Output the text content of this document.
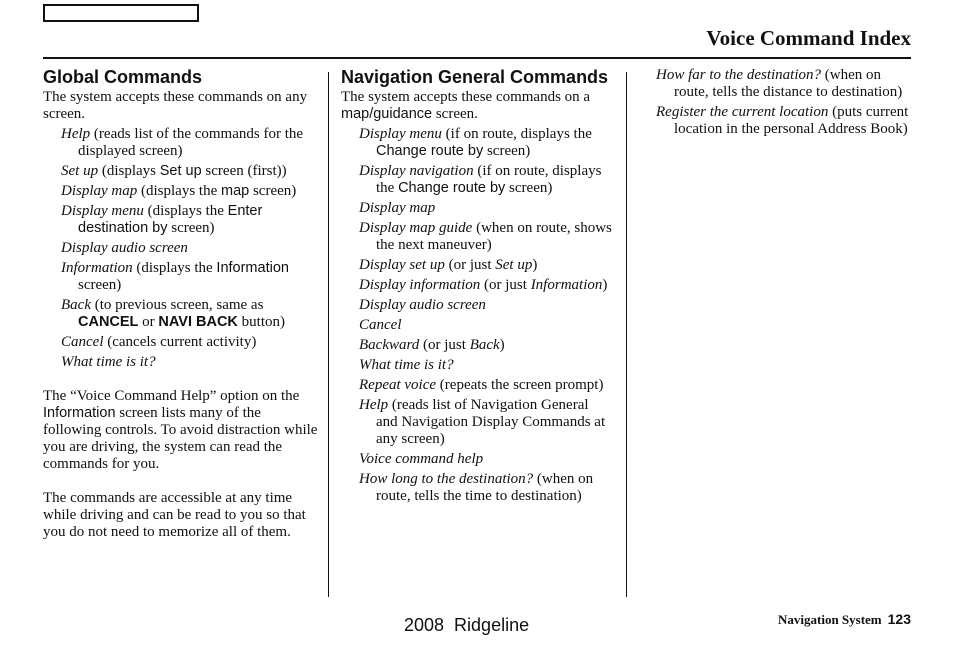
Voice Command Index
Global Commands

The system accepts these commands on any screen.

Help (reads list of the commands for the displayed screen)

Set up (displays Set up screen (first))

Display map (displays the map screen)

Display menu (displays the Enter destination by screen)

Display audio screen

Information (displays the Information screen)

Back (to previous screen, same as CANCEL or NAVI BACK button)

Cancel (cancels current activity)

What time is it?

The “Voice Command Help” option on the Information screen lists many of the following controls. To avoid distraction while you are driving, the system can read the commands for you.

The commands are accessible at any time while driving and can be read to you so that you do not need to memorize all of them.

Navigation General Commands

The system accepts these commands on a map/guidance screen.

Display menu (if on route, displays the Change route by screen)

Display navigation (if on route, displays the Change route by screen)

Display map

Display map guide (when on route, shows the next maneuver)

Display set up (or just Set up)

Display information (or just Information)

Display audio screen

Cancel

Backward (or just Back)

What time is it?

Repeat voice (repeats the screen prompt)

Help (reads list of Navigation General and Navigation Display Commands at any screen)

Voice command help

How long to the destination? (when on route, tells the time to destination)

How far to the destination? (when on route, tells the distance to destination)

Register the current location (puts current location in the personal Address Book)

2008  Ridgeline	Navigation System 123
